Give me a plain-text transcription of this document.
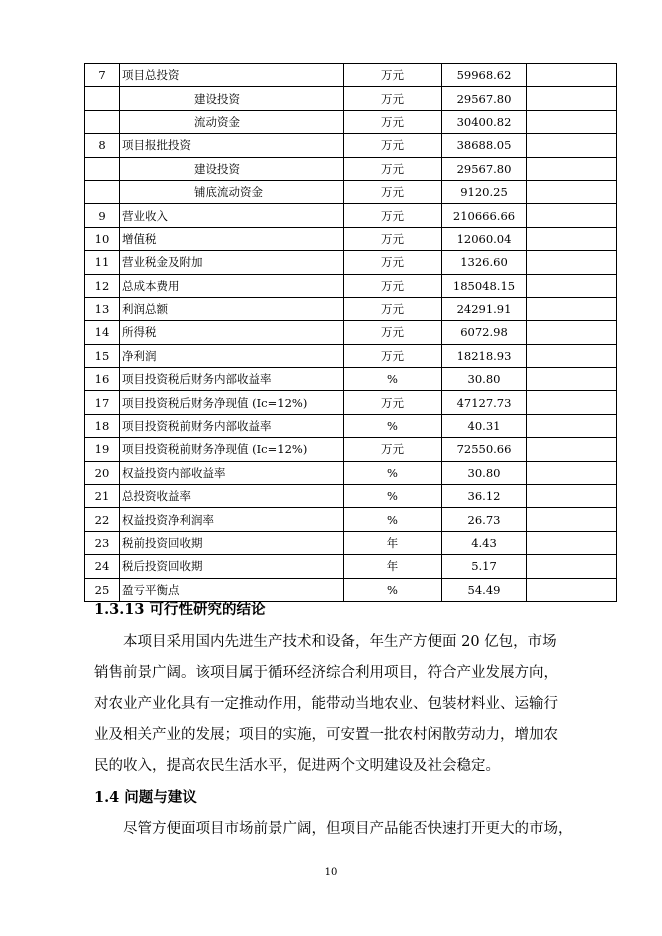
7	项目总投资	万元	59968.62	
	建设投资	万元	29567.80	
	流动资金	万元	30400.82	
8	项目报批投资	万元	38688.05	
	建设投资	万元	29567.80	
	铺底流动资金	万元	9120.25	
9	营业收入	万元	210666.66	
10	增值税	万元	12060.04	
11	营业税金及附加	万元	1326.60	
12	总成本费用	万元	185048.15	
13	利润总额	万元	24291.91	
14	所得税	万元	6072.98	
15	净利润	万元	18218.93	
16	项目投资税后财务内部收益率	%	30.80	
17	项目投资税后财务净现值 (Ic=12%)	万元	47127.73	
18	项目投资税前财务内部收益率	%	40.31	
19	项目投资税前财务净现值 (Ic=12%)	万元	72550.66	
20	权益投资内部收益率	%	30.80	
21	总投资收益率	%	36.12	
22	权益投资净利润率	%	26.73	
23	税前投资回收期	年	4.43	
24	税后投资回收期	年	5.17	
25	盈亏平衡点	%	54.49	
1.3.13 可行性研究的结论
本项目采用国内先进生产技术和设备，年生产方便面 20 亿包，市场
销售前景广阔。该项目属于循环经济综合利用项目，符合产业发展方向，
对农业产业化具有一定推动作用，能带动当地农业、包装材料业、运输行
业及相关产业的发展；项目的实施，可安置一批农村闲散劳动力，增加农
民的收入，提高农民生活水平，促进两个文明建设及社会稳定。
1.4 问题与建议
尽管方便面项目市场前景广阔，但项目产品能否快速打开更大的市场，
10
